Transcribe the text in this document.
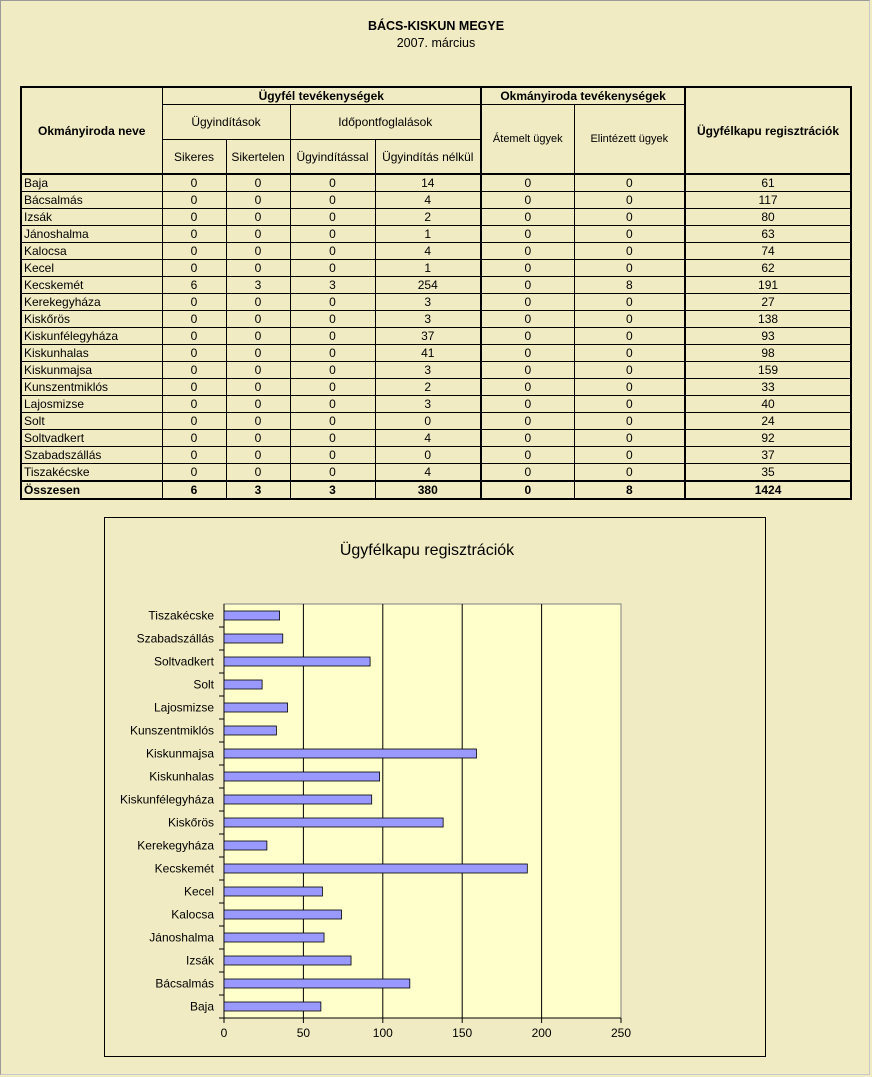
BÁCS-KISKUN MEGYE
2007. március
Okmányiroda neve	Ügyfél tevékenységek				Okmányiroda tevékenységek		Ügyfélkapu regisztrációk
	Ügyindítások		Időpontfoglalások		Átemelt ügyek	Elintézett ügyek	
	Sikeres	Sikertelen	Ügyindítással	Ügyindítás nélkül			
Baja	0	0	0	14	0	0	61
Bácsalmás	0	0	0	4	0	0	117
Izsák	0	0	0	2	0	0	80
Jánoshalma	0	0	0	1	0	0	63
Kalocsa	0	0	0	4	0	0	74
Kecel	0	0	0	1	0	0	62
Kecskemét	6	3	3	254	0	8	191
Kerekegyháza	0	0	0	3	0	0	27
Kiskőrös	0	0	0	3	0	0	138
Kiskunfélegyháza	0	0	0	37	0	0	93
Kiskunhalas	0	0	0	41	0	0	98
Kiskunmajsa	0	0	0	3	0	0	159
Kunszentmiklós	0	0	0	2	0	0	33
Lajosmizse	0	0	0	3	0	0	40
Solt	0	0	0	0	0	0	24
Soltvadkert	0	0	0	4	0	0	92
Szabadszállás	0	0	0	0	0	0	37
Tiszakécske	0	0	0	4	0	0	35
Összesen	6	3	3	380	0	8	1424
Ügyfélkapu regisztrációk
0	50	100	150	200	250
Baja
Bácsalmás
Izsák
Jánoshalma
Kalocsa
Kecel
Kecskemét
Kerekegyháza
Kiskőrös
Kiskunfélegyháza
Kiskunhalas
Kiskunmajsa
Kunszentmiklós
Lajosmizse
Solt
Soltvadkert
Szabadszállás
Tiszakécske
